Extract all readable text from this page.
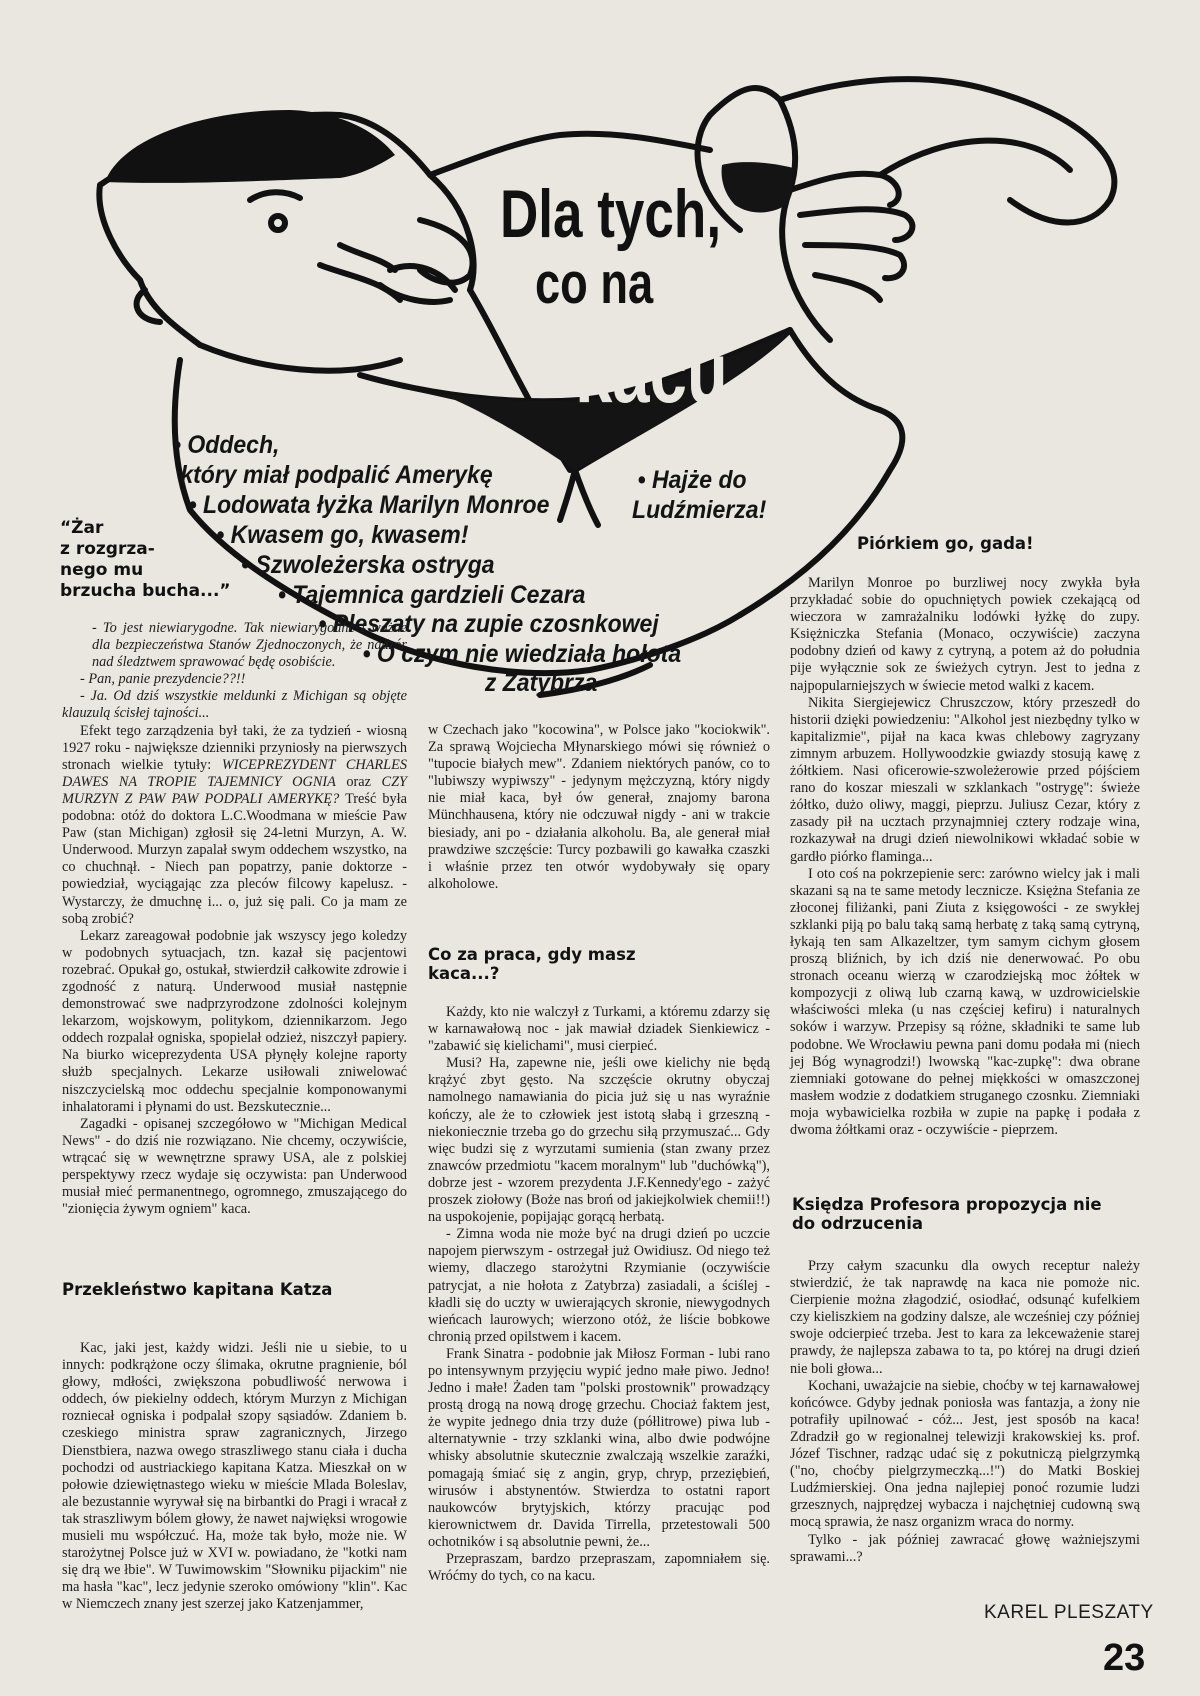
Dla tych,
co na
kacu
• Oddech,
który miał podpalić Amerykę
• Lodowata łyżka Marilyn Monroe
• Kwasem go, kwasem!
• Szwoleżerska ostryga
• Tajemnica gardzieli Cezara
• Pleszaty na zupie czosnkowej
• O czym nie wiedziała hołota
z Zatybrza
• Hajże do
Ludźmierza!
“Żar
z rozgrza-
nego mu
brzucha bucha...”

- To jest niewiarygodne. Tak niewiarygodne i ważne dla bezpieczeństwa Stanów Zjednoczonych, że nadzór nad śledztwem sprawować będę osobiście.

- Pan, panie prezydencie??!!

- Ja. Od dziś wszystkie meldunki z Michigan są objęte klauzulą ścisłej tajności...

Efekt tego zarządzenia był taki, że za tydzień - wiosną 1927 roku - największe dzienniki przyniosły na pierwszych stronach wielkie tytuły: WICEPREZYDENT CHARLES DAWES NA TROPIE TAJEMNICY OGNIA oraz CZY MURZYN Z PAW PAW PODPALI AMERYKĘ? Treść była podobna: otóż do doktora L.C.Woodmana w mieście Paw Paw (stan Michigan) zgłosił się 24-letni Murzyn, A. W. Underwood. Murzyn zapalał swym oddechem wszystko, na co chuchnął. - Niech pan popatrzy, panie doktorze - powiedział, wyciągając zza pleców filcowy kapelusz. - Wystarczy, że dmuchnę i... o, już się pali. Co ja mam ze sobą zrobić?

Lekarz zareagował podobnie jak wszyscy jego koledzy w podobnych sytuacjach, tzn. kazał się pacjentowi rozebrać. Opukał go, ostukał, stwierdził całkowite zdrowie i zgodność z naturą. Underwood musiał następnie demonstrować swe nadprzyrodzone zdolności kolejnym lekarzom, wojskowym, politykom, dziennikarzom. Jego oddech rozpalał ogniska, spopielał odzież, niszczył papiery. Na biurko wiceprezydenta USA płynęły kolejne raporty służb specjalnych. Lekarze usiłowali zniwelować niszczycielską moc oddechu specjalnie komponowanymi inhalatorami i płynami do ust. Bezskutecznie...

Zagadki - opisanej szczegółowo w "Michigan Medical News" - do dziś nie rozwiązano. Nie chcemy, oczywiście, wtrącać się w wewnętrzne sprawy USA, ale z polskiej perspektywy rzecz wydaje się oczywista: pan Underwood musiał mieć permanentnego, ogromnego, zmuszającego do "zionięcia żywym ogniem" kaca.

Przekleństwo kapitana Katza

Kac, jaki jest, każdy widzi. Jeśli nie u siebie, to u innych: podkrążone oczy ślimaka, okrutne pragnienie, ból głowy, mdłości, zwiększona pobudliwość nerwowa i oddech, ów piekielny oddech, którym Murzyn z Michigan rozniecał ogniska i podpalał szopy sąsiadów. Zdaniem b. czeskiego ministra spraw zagranicznych, Jirzego Dienstbiera, nazwa owego straszliwego stanu ciała i ducha pochodzi od austriackiego kapitana Katza. Mieszkał on w połowie dziewiętnastego wieku w mieście Mlada Boleslav, ale bezustannie wyrywał się na birbantki do Pragi i wracał z tak straszliwym bólem głowy, że nawet najwięksi wrogowie musieli mu współczuć. Ha, może tak było, może nie. W starożytnej Polsce już w XVI w. powiadano, że "kotki nam się drą we łbie". W Tuwimowskim "Słowniku pijackim" nie ma hasła "kac", lecz jedynie szeroko omówiony "klin". Kac w Niemczech znany jest szerzej jako Katzenjammer,

w Czechach jako "kocowina", w Polsce jako "kociokwik". Za sprawą Wojciecha Młynarskiego mówi się również o "tupocie białych mew". Zdaniem niektórych panów, co to "lubiwszy wypiwszy" - jedynym mężczyzną, który nigdy nie miał kaca, był ów generał, znajomy barona Münchhausena, który nie odczuwał nigdy - ani w trakcie biesiady, ani po - działania alkoholu. Ba, ale generał miał prawdziwe szczęście: Turcy pozbawili go kawałka czaszki i właśnie przez ten otwór wydobywały się opary alkoholowe.

Co za praca, gdy masz kaca...?

Każdy, kto nie walczył z Turkami, a któremu zdarzy się w karnawałową noc - jak mawiał dziadek Sienkiewicz - "zabawić się kielichami", musi cierpieć.

Musi? Ha, zapewne nie, jeśli owe kielichy nie będą krążyć zbyt gęsto. Na szczęście okrutny obyczaj namolnego namawiania do picia już się u nas wyraźnie kończy, ale że to człowiek jest istotą słabą i grzeszną - niekoniecznie trzeba go do grzechu siłą przymuszać... Gdy więc budzi się z wyrzutami sumienia (stan zwany przez znawców przedmiotu "kacem moralnym" lub "duchówką"), dobrze jest - wzorem prezydenta J.F.Kennedy'ego - zażyć proszek ziołowy (Boże nas broń od jakiejkolwiek chemii!!) na uspokojenie, popijając gorącą herbatą.

- Zimna woda nie może być na drugi dzień po uczcie napojem pierwszym - ostrzegał już Owidiusz. Od niego też wiemy, dlaczego starożytni Rzymianie (oczywiście patrycjat, a nie hołota z Zatybrza) zasiadali, a ściślej - kładli się do uczty w uwierających skronie, niewygodnych wieńcach laurowych; wierzono otóż, że liście bobkowe chronią przed opilstwem i kacem.

Frank Sinatra - podobnie jak Miłosz Forman - lubi rano po intensywnym przyjęciu wypić jedno małe piwo. Jedno! Jedno i małe! Żaden tam "polski prostownik" prowadzący prostą drogą na nową drogę grzechu. Chociaż faktem jest, że wypite jednego dnia trzy duże (półlitrowe) piwa lub - alternatywnie - trzy szklanki wina, albo dwie podwójne whisky absolutnie skutecznie zwalczają wszelkie zaraźki, pomagają śmiać się z angin, gryp, chryp, przeziębień, wirusów i abstynentów. Stwierdza to ostatni raport naukowców brytyjskich, którzy pracując pod kierownictwem dr. Davida Tirrella, przetestowali 500 ochotników i są absolutnie pewni, że...

Przepraszam, bardzo przepraszam, zapomniałem się. Wróćmy do tych, co na kacu.

Piórkiem go, gada!

Marilyn Monroe po burzliwej nocy zwykła była przykładać sobie do opuchniętych powiek czekającą od wieczora w zamrażalniku lodówki łyżkę do zupy. Księżniczka Stefania (Monaco, oczywiście) zaczyna podobny dzień od kawy z cytryną, a potem aż do południa pije wyłącznie sok ze świeżych cytryn. Jest to jedna z najpopularniejszych w świecie metod walki z kacem.

Nikita Siergiejewicz Chruszczow, który przeszedł do historii dzięki powiedzeniu: "Alkohol jest niezbędny tylko w kapitalizmie", pijał na kaca kwas chlebowy zagryzany zimnym arbuzem. Hollywoodzkie gwiazdy stosują kawę z żółtkiem. Nasi oficerowie-szwoleżerowie przed pójściem rano do koszar mieszali w szklankach "ostrygę": świeże żółtko, dużo oliwy, maggi, pieprzu. Juliusz Cezar, który z zasady pił na ucztach przynajmniej cztery rodzaje wina, rozkazywał na drugi dzień niewolnikowi wkładać sobie w gardło piórko flaminga...

I oto coś na pokrzepienie serc: zarówno wielcy jak i mali skazani są na te same metody lecznicze. Księżna Stefania ze złoconej filiżanki, pani Ziuta z księgowości - ze swykłej szklanki piją po balu taką samą herbatę z taką samą cytryną, łykają ten sam Alkazeltzer, tym samym cichym głosem proszą bliźnich, by ich dziś nie denerwować. Po obu stronach oceanu wierzą w czarodziejską moc żółtek w kompozycji z oliwą lub czarną kawą, w uzdrowicielskie właściwości mleka (u nas częściej kefiru) i naturalnych soków i warzyw. Przepisy są różne, składniki te same lub podobne. We Wrocławiu pewna pani domu podała mi (niech jej Bóg wynagrodzi!) lwowską "kac-zupkę": dwa obrane ziemniaki gotowane do pełnej miękkości w omaszczonej masłem wodzie z dodatkiem struganego czosnku. Ziemniaki moja wybawicielka rozbiła w zupie na papkę i podała z dwoma żółtkami oraz - oczywiście - pieprzem.

Księdza Profesora propozycja nie do odrzucenia

Przy całym szacunku dla owych receptur należy stwierdzić, że tak naprawdę na kaca nie pomoże nic. Cierpienie można złagodzić, osiodłać, odsunąć kufelkiem czy kieliszkiem na godziny dalsze, ale wcześniej czy później swoje odcierpieć trzeba. Jest to kara za lekceważenie starej prawdy, że najlepsza zabawa to ta, po której na drugi dzień nie boli głowa...

Kochani, uważajcie na siebie, choćby w tej karnawałowej końcówce. Gdyby jednak poniosła was fantazja, a żony nie potrafiły upilnować - cóż... Jest, jest sposób na kaca! Zdradził go w regionalnej telewizji krakowskiej ks. prof. Józef Tischner, radząc udać się z pokutniczą pielgrzymką ("no, choćby pielgrzymeczką...!") do Matki Boskiej Ludźmierskiej. Ona jedna najlepiej ponoć rozumie ludzi grzesznych, najprędzej wybacza i najchętniej cudowną swą mocą sprawia, że nasz organizm wraca do normy.

Tylko - jak później zawracać głowę ważniejszymi sprawami...?

KAREL PLESZATY
23
